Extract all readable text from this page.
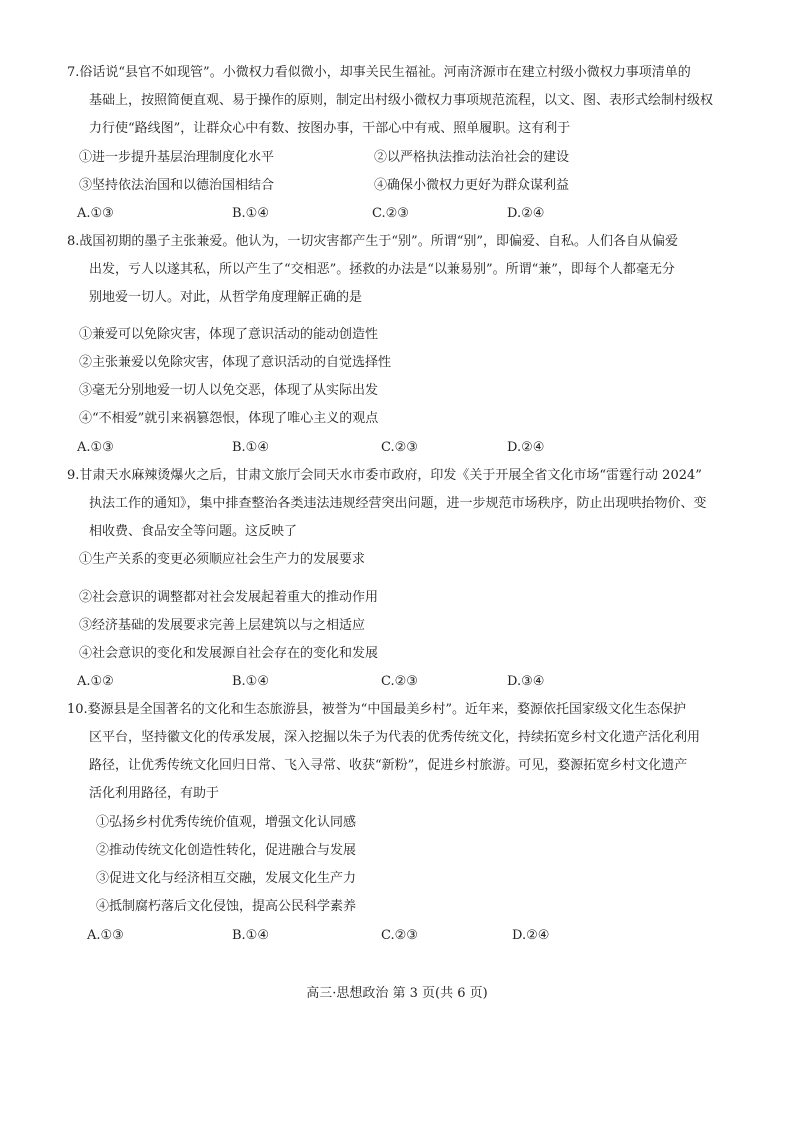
7.俗话说“县官不如现管”。小微权力看似微小，却事关民生福祉。河南济源市在建立村级小微权力事项清单的
基础上，按照简便直观、易于操作的原则，制定出村级小微权力事项规范流程，以文、图、表形式绘制村级权
力行使“路线图”，让群众心中有数、按图办事，干部心中有戒、照单履职。这有利于
①进一步提升基层治理制度化水平	②以严格执法推动法治社会的建设
③坚持依法治国和以德治国相结合	④确保小微权力更好为群众谋利益
A.①③	B.①④	C.②③	D.②④
8.战国初期的墨子主张兼爱。他认为，一切灾害都产生于“别”。所谓“别”，即偏爱、自私。人们各自从偏爱
出发，亏人以遂其私，所以产生了“交相恶”。拯救的办法是“以兼易别”。所谓“兼”，即每个人都毫无分
别地爱一切人。对此，从哲学角度理解正确的是
①兼爱可以免除灾害，体现了意识活动的能动创造性
②主张兼爱以免除灾害，体现了意识活动的自觉选择性
③毫无分别地爱一切人以免交恶，体现了从实际出发
④“不相爱”就引来祸篡怨恨，体现了唯心主义的观点
A.①③	B.①④	C.②③	D.②④
9.甘肃天水麻辣烫爆火之后，甘肃文旅厅会同天水市委市政府，印发《关于开展全省文化市场“雷霆行动 2024”
执法工作的通知》，集中排查整治各类违法违规经营突出问题，进一步规范市场秩序，防止出现哄抬物价、变
相收费、食品安全等问题。这反映了
①生产关系的变更必须顺应社会生产力的发展要求
②社会意识的调整都对社会发展起着重大的推动作用
③经济基础的发展要求完善上层建筑以与之相适应
④社会意识的变化和发展源自社会存在的变化和发展
A.①②	B.①④	C.②③	D.③④
10.婺源县是全国著名的文化和生态旅游县，被誉为“中国最美乡村”。近年来，婺源依托国家级文化生态保护
区平台，坚持徽文化的传承发展，深入挖掘以朱子为代表的优秀传统文化，持续拓宽乡村文化遗产活化利用
路径，让优秀传统文化回归日常、飞入寻常、收获“新粉”，促进乡村旅游。可见，婺源拓宽乡村文化遗产
活化利用路径，有助于
①弘扬乡村优秀传统价值观，增强文化认同感
②推动传统文化创造性转化，促进融合与发展
③促进文化与经济相互交融，发展文化生产力
④抵制腐朽落后文化侵蚀，提高公民科学素养
A.①③	B.①④	C.②③	D.②④
高三·思想政治 第 3 页(共 6 页)
